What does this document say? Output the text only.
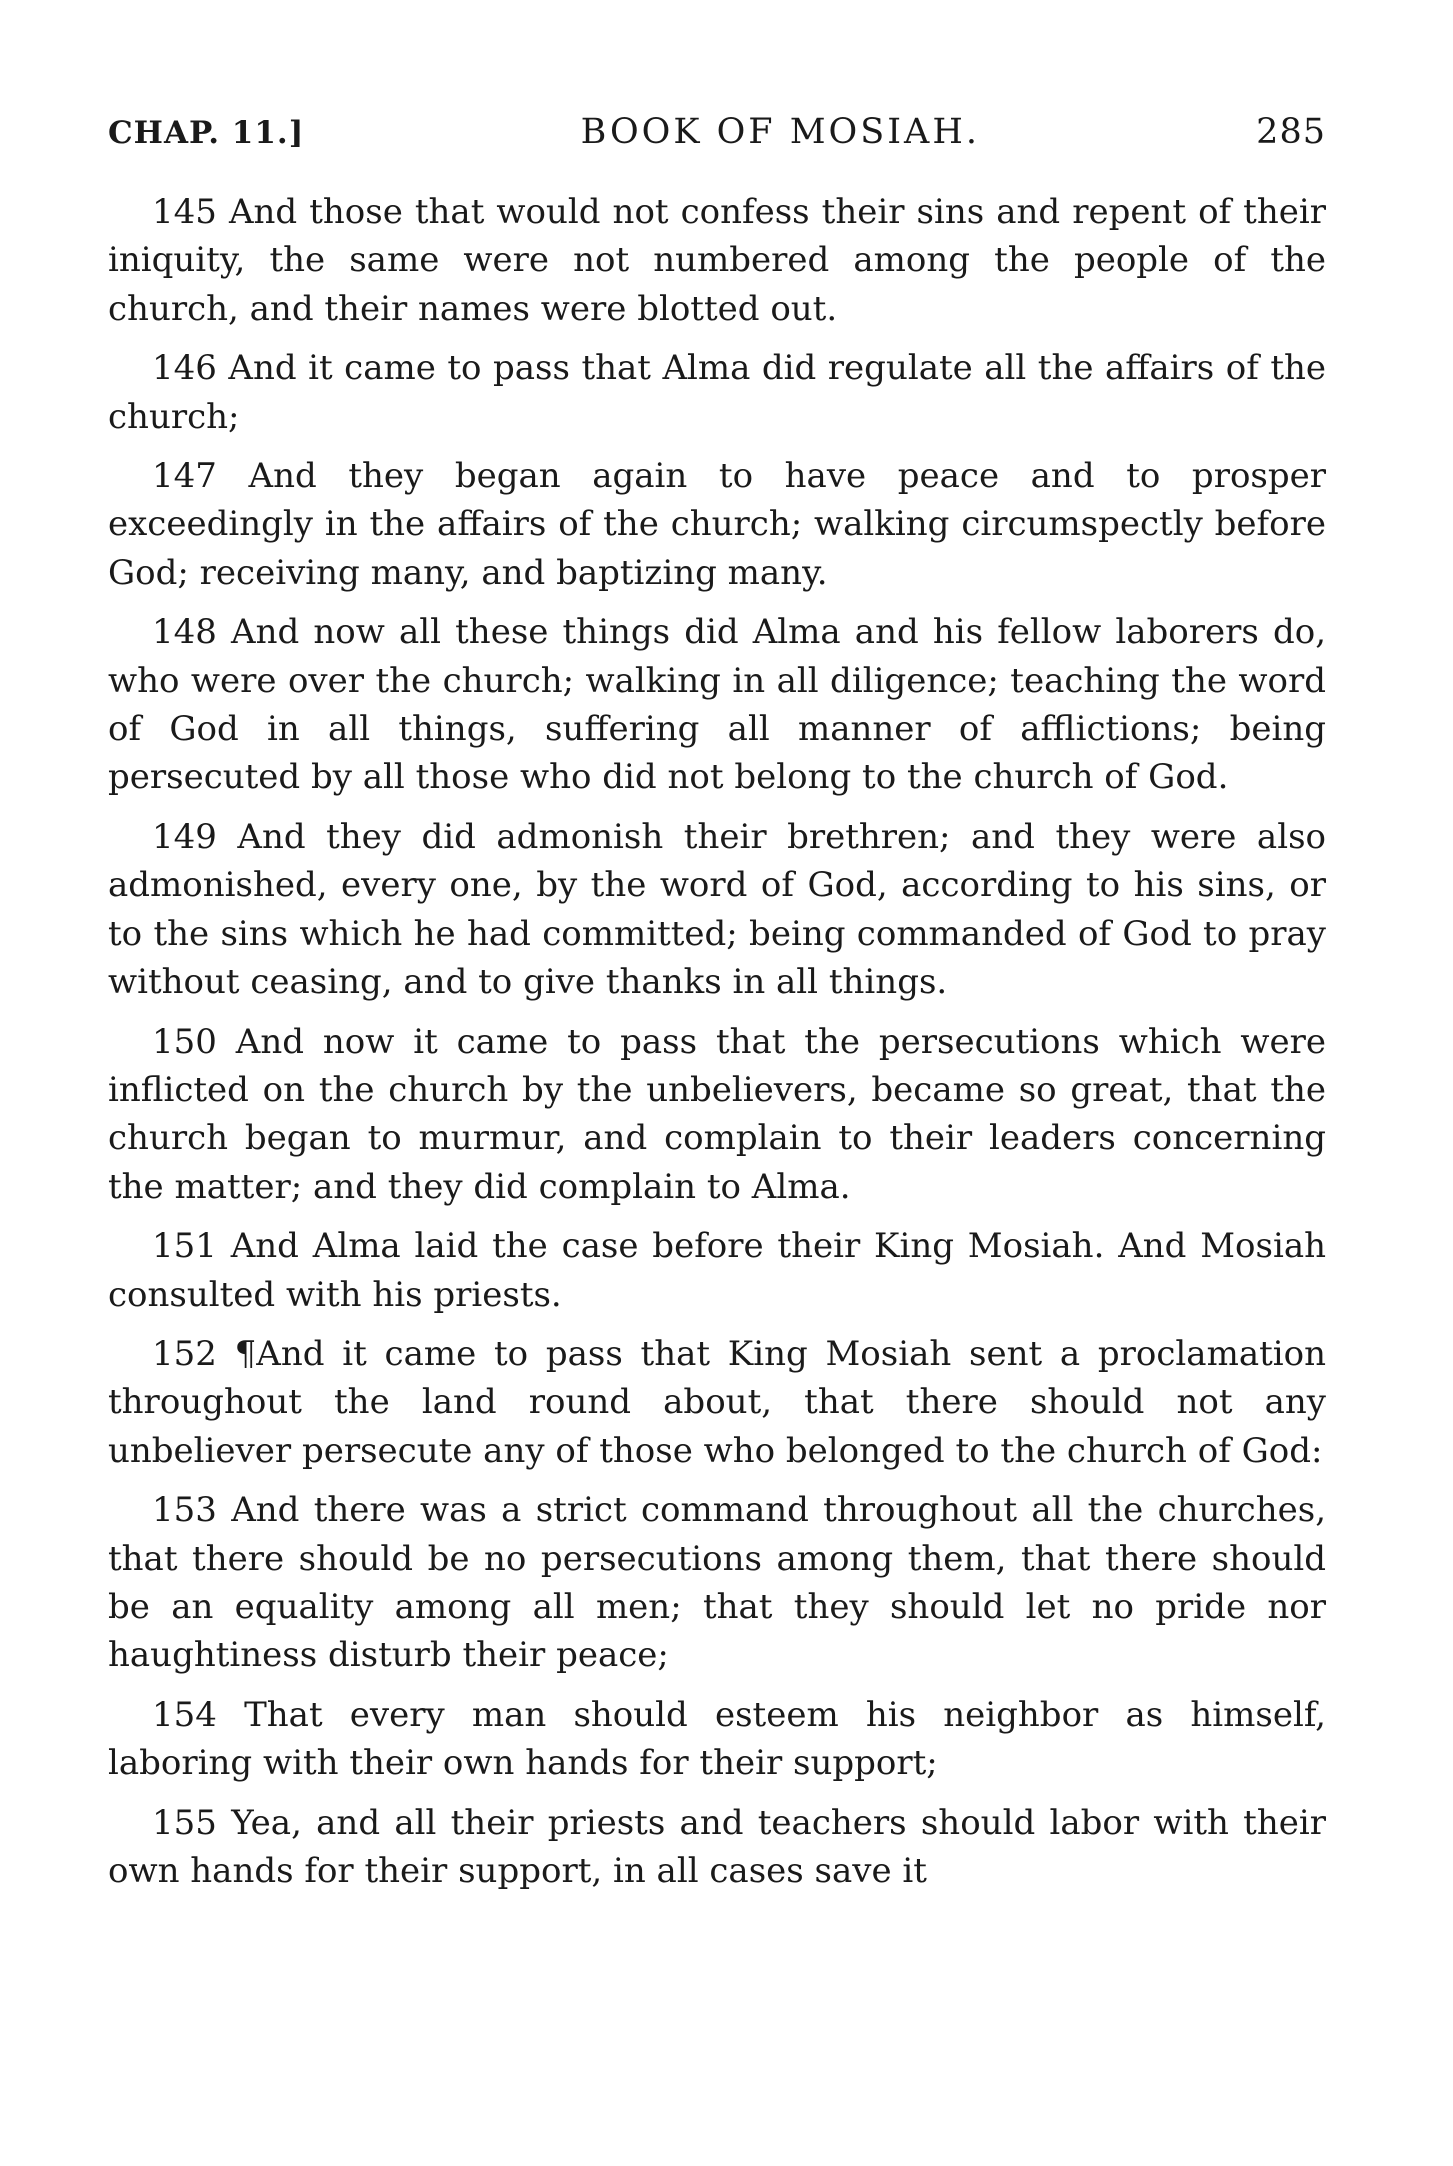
CHAP. 11.]	BOOK OF MOSIAH.	285

145 And those that would not confess their sins and repent of their iniquity, the same were not numbered among the people of the church, and their names were blotted out.

146 And it came to pass that Alma did regulate all the affairs of the church;

147 And they began again to have peace and to prosper exceedingly in the affairs of the church; walking circumspectly before God; receiving many, and baptizing many.

148 And now all these things did Alma and his fellow laborers do, who were over the church; walking in all diligence; teaching the word of God in all things, suffering all manner of afflictions; being persecuted by all those who did not belong to the church of God.

149 And they did admonish their brethren; and they were also admonished, every one, by the word of God, according to his sins, or to the sins which he had committed; being commanded of God to pray without ceasing, and to give thanks in all things.

150 And now it came to pass that the persecutions which were inflicted on the church by the unbelievers, became so great, that the church began to murmur, and complain to their leaders concerning the matter; and they did complain to Alma.

151 And Alma laid the case before their King Mosiah. And Mosiah consulted with his priests.

152 ¶And it came to pass that King Mosiah sent a proclamation throughout the land round about, that there should not any unbeliever persecute any of those who belonged to the church of God:

153 And there was a strict command throughout all the churches, that there should be no persecutions among them, that there should be an equality among all men; that they should let no pride nor haughtiness disturb their peace;

154 That every man should esteem his neighbor as himself, laboring with their own hands for their support;

155 Yea, and all their priests and teachers should labor with their own hands for their support, in all cases save it
